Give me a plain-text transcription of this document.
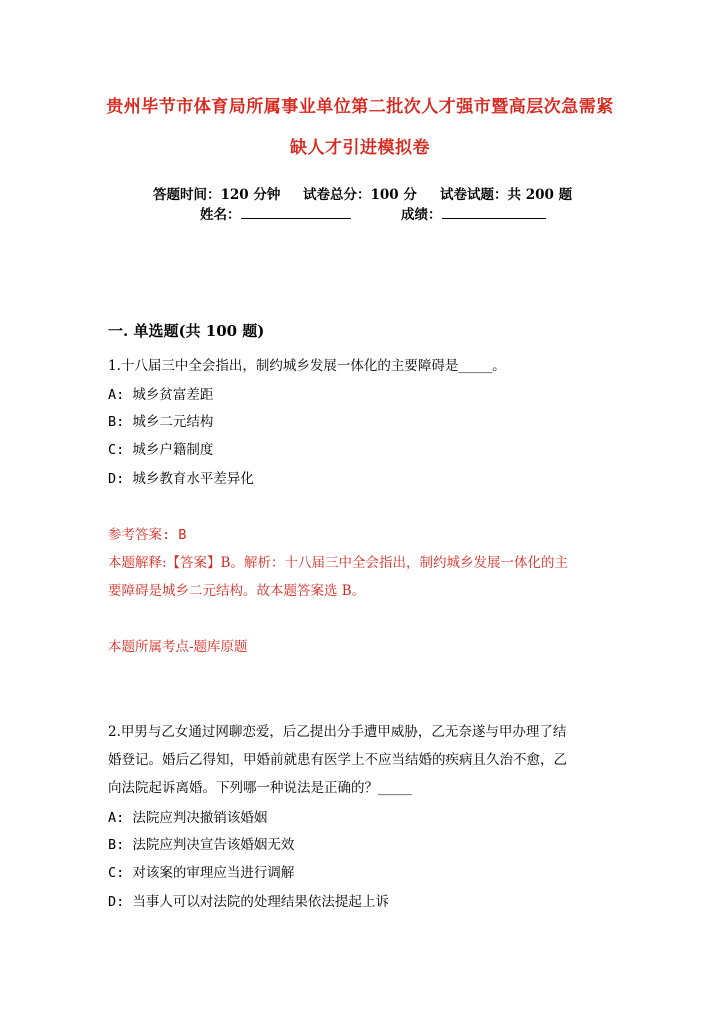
贵州毕节市体育局所属事业单位第二批次人才强市暨高层次急需紧
缺人才引进模拟卷
答题时间：120 分钟 试卷总分：100 分 试卷试题：共 200 题
姓名：	成绩：
一. 单选题(共 100 题)
1.十八届三中全会指出，制约城乡发展一体化的主要障碍是_____。
A: 城乡贫富差距
B: 城乡二元结构
C: 城乡户籍制度
D: 城乡教育水平差异化
参考答案: B
本题解释:【答案】B。解析：十八届三中全会指出，制约城乡发展一体化的主
要障碍是城乡二元结构。故本题答案选 B。
本题所属考点-题库原题
2.甲男与乙女通过网聊恋爱，后乙提出分手遭甲威胁，乙无奈遂与甲办理了结
婚登记。婚后乙得知，甲婚前就患有医学上不应当结婚的疾病且久治不愈，乙
向法院起诉离婚。下列哪一种说法是正确的？_____
A: 法院应判决撤销该婚姻
B: 法院应判决宣告该婚姻无效
C: 对该案的审理应当进行调解
D: 当事人可以对法院的处理结果依法提起上诉
